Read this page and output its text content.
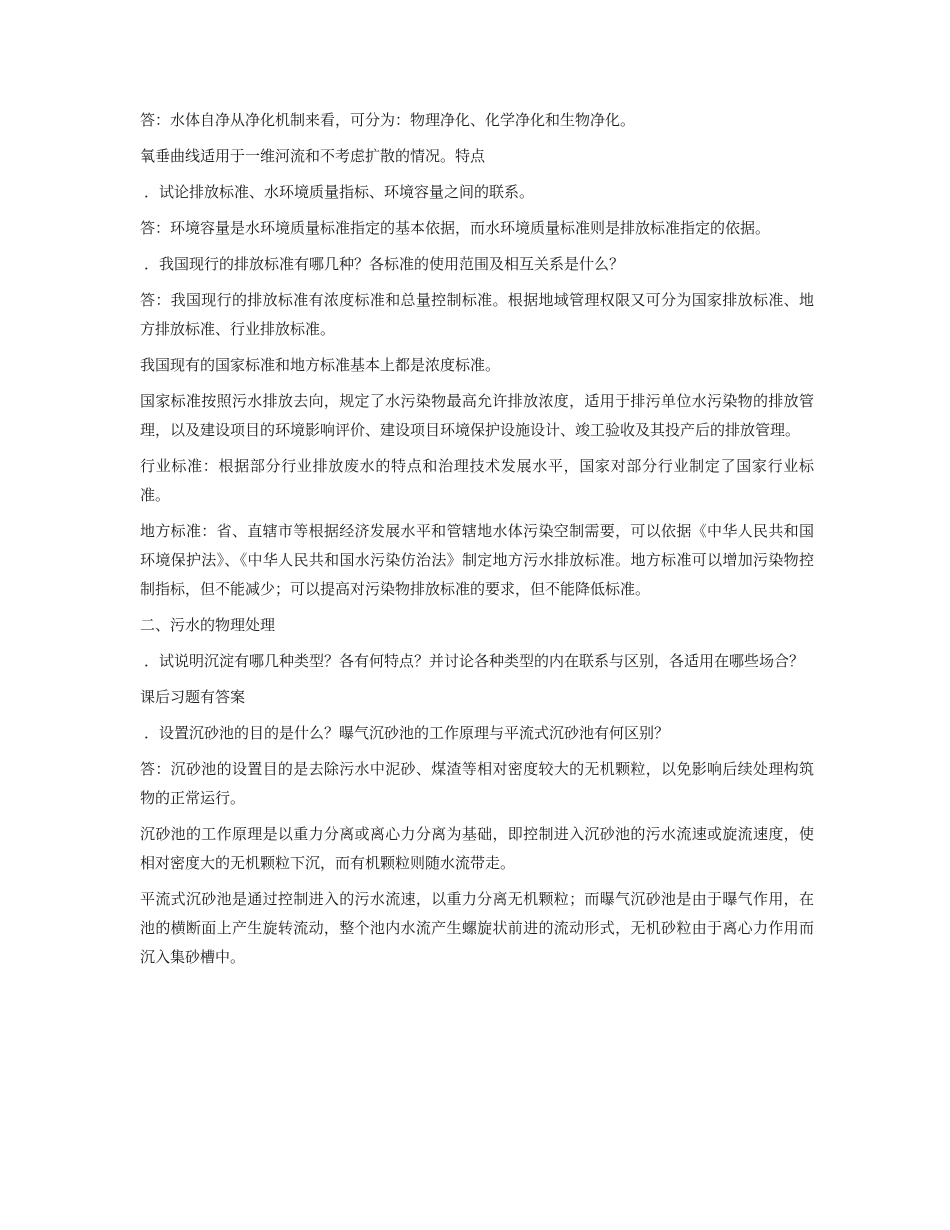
答：水体自净从净化机制来看，可分为：物理净化、化学净化和生物净化。

氧垂曲线适用于一维河流和不考虑扩散的情况。特点

．试论排放标准、水环境质量指标、环境容量之间的联系。

答：环境容量是水环境质量标准指定的基本依据，而水环境质量标准则是排放标准指定的依据。

．我国现行的排放标准有哪几种？各标准的使用范围及相互关系是什么？

答：我国现行的排放标准有浓度标准和总量控制标准。根据地域管理权限又可分为国家排放标准、地方排放标准、行业排放标准。

我国现有的国家标准和地方标准基本上都是浓度标准。

国家标准按照污水排放去向，规定了水污染物最高允许排放浓度，适用于排污单位水污染物的排放管理，以及建设项目的环境影响评价、建设项目环境保护设施设计、竣工验收及其投产后的排放管理。

行业标准：根据部分行业排放废水的特点和治理技术发展水平，国家对部分行业制定了国家行业标准。

地方标准：省、直辖市等根据经济发展水平和管辖地水体污染空制需要，可以依据《中华人民共和国环境保护法》、《中华人民共和国水污染仿治法》制定地方污水排放标准。地方标准可以增加污染物控制指标，但不能减少；可以提高对污染物排放标准的要求，但不能降低标准。

二、污水的物理处理

．试说明沉淀有哪几种类型？各有何特点？并讨论各种类型的内在联系与区别，各适用在哪些场合？

课后习题有答案

．设置沉砂池的目的是什么？曝气沉砂池的工作原理与平流式沉砂池有何区别？

答：沉砂池的设置目的是去除污水中泥砂、煤渣等相对密度较大的无机颗粒，以免影响后续处理构筑物的正常运行。

沉砂池的工作原理是以重力分离或离心力分离为基础，即控制进入沉砂池的污水流速或旋流速度，使相对密度大的无机颗粒下沉，而有机颗粒则随水流带走。

平流式沉砂池是通过控制进入的污水流速，以重力分离无机颗粒；而曝气沉砂池是由于曝气作用，在池的横断面上产生旋转流动，整个池内水流产生螺旋状前进的流动形式，无机砂粒由于离心力作用而沉入集砂槽中。
